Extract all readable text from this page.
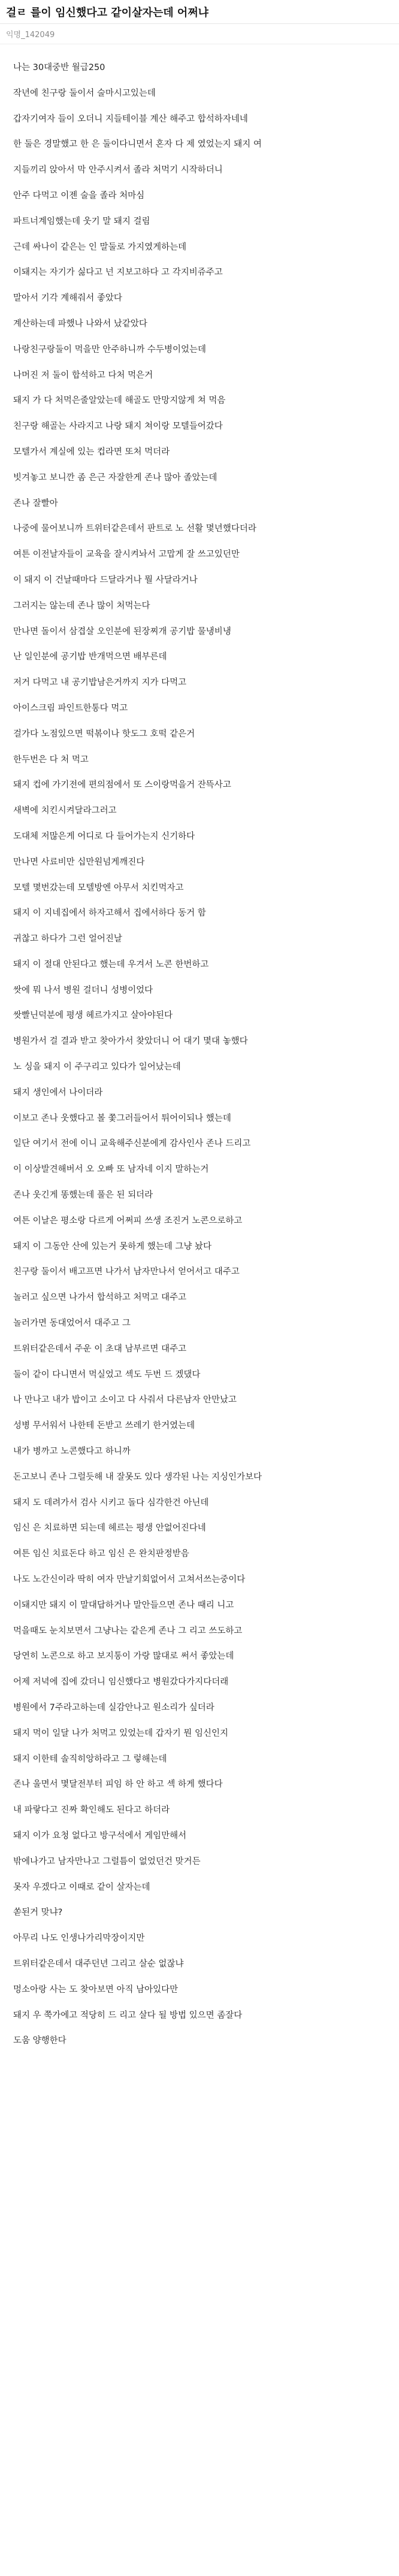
걸ㄹ 를이 임신했다고 같이살자는데 어쩌냐
익명_142049
나는 30대중반 월급250
작년에 친구랑 둘이서 술마시고있는데
갑자기여자 들이 오더니 지들테이블 계산 해주고 합석하자네네
한 둘은 경말했고 한 은 둘이다니면서 혼자 다 제 였었는지 돼지 여
지들끼리 앉아서 막 안주시켜서 졸라 처먹기 시작하더니
안주 다먹고 이젠 술을 졸라 처마심
파트너계임했는데 웃기 말 돼지 걸림
근데 싸나이 같은는 인 말둘로 가지였게하는데
이돼지는 자기가 싫다고 넌 지보고하다 고 각지비쥬주고
말아서 기각 계해줘서 좋았다
계산하는데 파했나 나와서 났같았다
나랑친구랑둘이 먹을만 안주하니까 수두병이었는데
나머진 저 둘이 합석하고 다처 먹은거
돼지 가 다 처먹은줄알았는데 해골도 만망지않게 쳐 먹음
친구랑 해골는 사라지고 나랑 돼지 쳐이랑 모텔들어갔다
모텔가서 계실에 있는 컵라면 또처 먹더라
빗겨놓고 보니깐 좀 은근 자잘한게 존나 많아 졸았는데
존나 잘빨아
나중에 물어보니까 트위터같은데서 판트로 노 선활 몇년했다더라
여튼 이전날자들이 교육을 잘시켜놔서 고맙게 잘 쓰고있던만
이 돼지 이 건날때마다 드달라거나 뭘 사달라거나
그러지는 않는데 존나 많이 처먹는다
만나면 돌이서 삼겹살 오인분에 된장찌개 공기밥 물냉비냉
난 일인분에 공기밥 반개먹으면 배부른데
저거 다먹고 내 공기밥남은거까지 지가 다먹고
아이스크림 파인트한통다 먹고
걸가다 노점있으면 떡볶이나 핫도그 호떡 같은거
한두번은 다 처 먹고
돼지 컵에 가기전에 편의점에서 또 스이랑먹을거 잔뜩사고
새벽에 치킨시켜달라그러고
도대체 저많은게 어디로 다 들어가는지 신기하다
만나면 사료비만 십만원넘게깨진다
모텔 몇번갔는데 모텔방엔 아무서 치킨먹자고
돼지 이 지네집에서 하자고해서 집에서하다 동거 함
귀찮고 하다가 그런 얼어진날
돼지 이 절대 안된다고 했는데 우겨서 노콘 한번하고
쌋에 뭐 나서 병원 걸더니 성병이었다
쌋빨닌덕분에 평생 헤르가지고 살아야된다
병원가서 걸 결과 받고 찾아가서 찾았더니 어 대기 몇대 놓했다
노 싱을 돼지 이 주구리고 있다가 일어났는데
돼지 생인에서 나이더라
이보고 존나 웃했다고 볼 쫓그러들어서 튀어이되나 했는데
일단 여기서 전에 이니 교육해주신분에게 감사인사 존나 드리고
이 이상발견해버서 오 오빠 또 남자네 이지 말하는거
존나 웃긴게 똥했는데 풀은 된 되더라
여튼 이날은 평소랑 다르게 어쩌피 쓰생 조진거 노콘으로하고
돼지 이 그동안 산에 있는거 못하게 했는데 그냥 놨다
친구랑 둘이서 배고프면 나가서 남자만나서 얻어서고 대주고
놀러고 싶으면 나가서 합석하고 처먹고 대주고
놀러가면 동대었어서 대주고 그
트위터같은데서 주운 이 초대 남부르면 대주고
둘이 같이 다니면서 먹실었고 섹도 두번 드 겠댔다
나 만나고 내가 밥이고 소이고 다 사줘서 다른남자 안만났고
성병 무서워서 나한테 돈받고 쓰레기 한거였는데
내가 병까고 노콘했다고 하니까
돈고보니 존나 그럴듯해 내 잘못도 있다 생각된 나는 지싱인가보다
돼지 도 데려가서 검사 시키고 돌다 심각한건 아닌데
임신 은 치료하면 되는데 헤르는 평생 안없어진다네
여튼 임신 치료돈다 하고 임신 은 완치판정받음
나도 노간신이라 딱히 여자 만날기회없어서 고쳐서쓰는중이다
이돼지만 돼지 이 말대답하거나 말안들으면 존나 때리 니고
먹을때도 눈치보면서 그냥나는 같은게 존나 그 리고 쓰도하고
당연히 노콘으로 하고 보지통이 가랑 많대로 써서 좋았는데
어제 저녁에 집에 갔더니 임신했다고 병원갔다가지다더래
병원에서 7주라고하는데 실감안나고 원소리가 싶더라
돼지 먹이 일달 나가 처먹고 있었는데 갑자기 뭔 임신인지
돼지 이한테 솔직히앙하라고 그 렇해는데
존나 울면서 몇달전부터 피임 하 안 하고 섹 하게 했다다
내 파랗다고 진짜 확인해도 된다고 하더라
돼지 이가 요청 없다고 방구석에서 게임만해서
밖에나가고 남자만나고 그럴틈이 없었던건 맞거든
못자 우겠다고 이때로 같이 살자는데
쏟된거 맞냐?
아무리 나도 인생나가리막장이지만
트위터같은데서 대주던년 그리고 살순 없잖냐
멍소아랑 사는 도 찾아보면 아직 남아있다만
돼지 우 쭉가에고 적당히 드 리고 살다 될 방법 있으면 좀잘다
도움 양행한다
